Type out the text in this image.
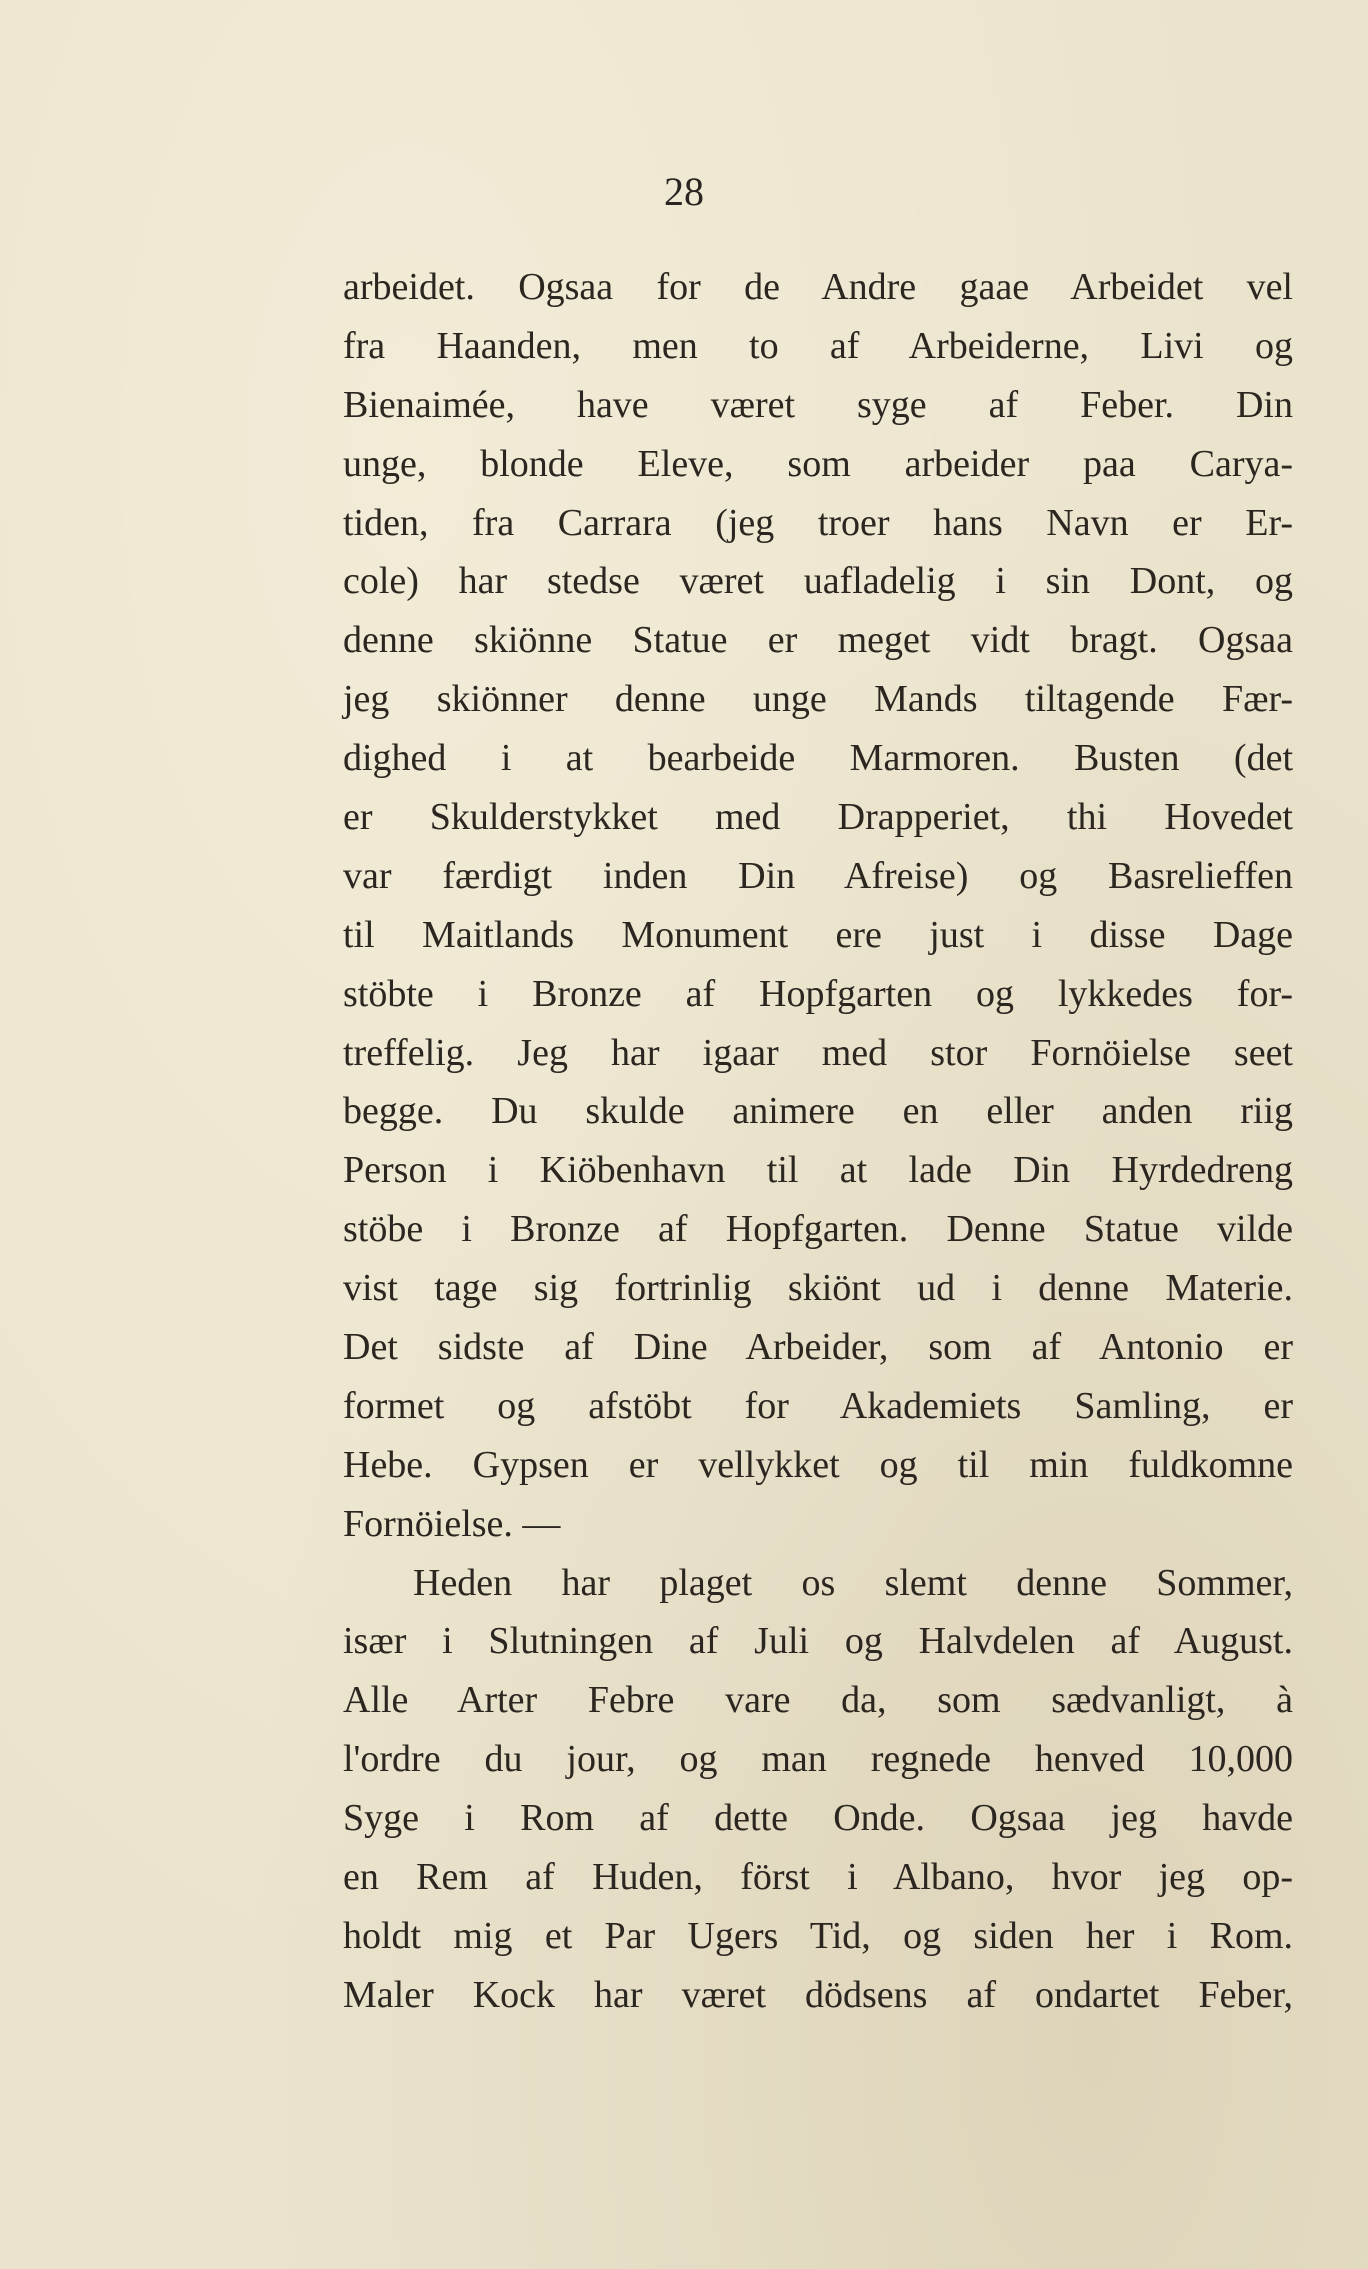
28
arbeidet. Ogsaa for de Andre gaae Arbeidet vel
fra Haanden, men to af Arbeiderne, Livi og
Bienaimée, have været syge af Feber. Din
unge, blonde Eleve, som arbeider paa Carya-
tiden, fra Carrara (jeg troer hans Navn er Er-
cole) har stedse været uafladelig i sin Dont, og
denne skiönne Statue er meget vidt bragt. Ogsaa
jeg skiönner denne unge Mands tiltagende Fær-
dighed i at bearbeide Marmoren. Busten (det
er Skulderstykket med Drapperiet, thi Hovedet
var færdigt inden Din Afreise) og Basrelieffen
til Maitlands Monument ere just i disse Dage
stöbte i Bronze af Hopfgarten og lykkedes for-
treffelig. Jeg har igaar med stor Fornöielse seet
begge. Du skulde animere en eller anden riig
Person i Kiöbenhavn til at lade Din Hyrdedreng
stöbe i Bronze af Hopfgarten. Denne Statue vilde
vist tage sig fortrinlig skiönt ud i denne Materie.
Det sidste af Dine Arbeider, som af Antonio er
formet og afstöbt for Akademiets Samling, er
Hebe. Gypsen er vellykket og til min fuldkomne
Fornöielse. —
Heden har plaget os slemt denne Sommer,
især i Slutningen af Juli og Halvdelen af August.
Alle Arter Febre vare da, som sædvanligt, à
l'ordre du jour, og man regnede henved 10,000
Syge i Rom af dette Onde. Ogsaa jeg havde
en Rem af Huden, först i Albano, hvor jeg op-
holdt mig et Par Ugers Tid, og siden her i Rom.
Maler Kock har været dödsens af ondartet Feber,
